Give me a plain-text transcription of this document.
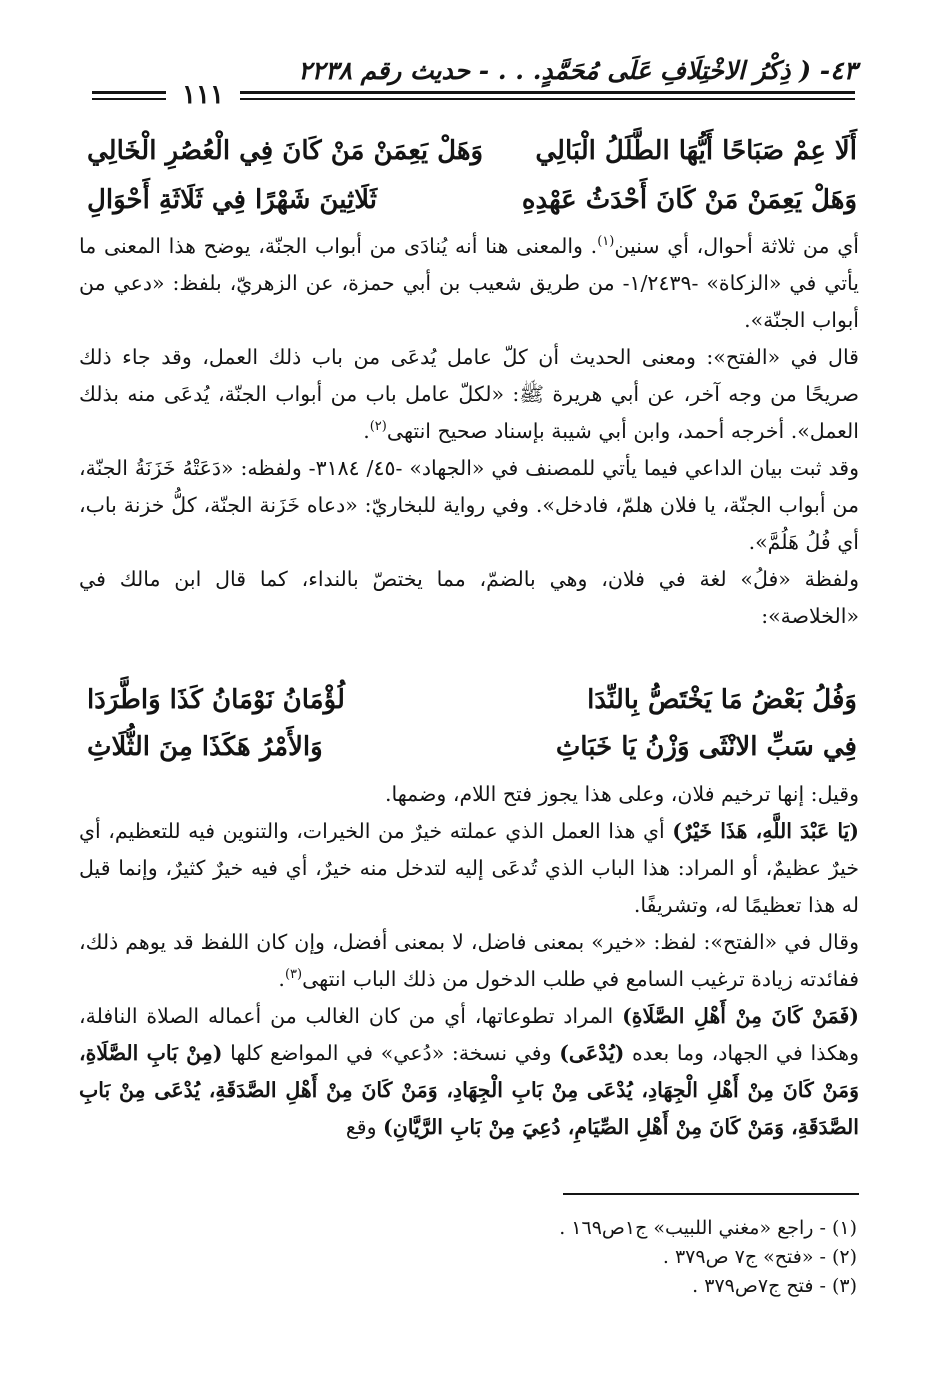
٤٣- ( ذِكْرُ الاخْتِلَافِ عَلَى مُحَمَّدٍ. . . - حديث رقم ٢٢٣٨
١١١
أَلَا عِمْ صَبَاحًا أَيُّهَا الطَّلَلُ الْبَالِي
وَهَلْ يَعِمَنْ مَنْ كَانَ فِي الْعُصُرِ الْخَالِي
وَهَلْ يَعِمَنْ مَنْ كَانَ أَحْدَثُ عَهْدِهِ
ثَلَاثِينَ شَهْرًا فِي ثَلَاثَةِ أَحْوَالِ

أي من ثلاثة أحوال، أي سنين$^{(١)}$. والمعنى هنا أنه يُنادَى من أبواب الجنّة، يوضح هذا المعنى ما يأتي في «الزكاة» -١/٢٤٣٩- من طريق شعيب بن أبي حمزة، عن الزهريّ، بلفظ: «دعي من أبواب الجنّة».

قال في «الفتح»: ومعنى الحديث أن كلّ عامل يُدعَى من باب ذلك العمل، وقد جاء ذلك صريحًا من وجه آخر، عن أبي هريرة ﷺ: «لكلّ عامل باب من أبواب الجنّة، يُدعَى منه بذلك العمل». أخرجه أحمد، وابن أبي شيبة بإسناد صحيح انتهى$^{(٢)}$.

وقد ثبت بيان الداعي فيما يأتي للمصنف في «الجهاد» -٤٥/ ٣١٨٤- ولفظه: «دَعَتْهُ خَزَنَةُ الجنّة، من أبواب الجنّة، يا فلان هلمّ، فادخل». وفي رواية للبخاريّ: «دعاه خَزَنة الجنّة، كلُّ خزنة باب، أي فُلُ هَلُمَّ».

ولفظة «فلُ» لغة في فلان، وهي بالضمّ، مما يختصّ بالنداء، كما قال ابن مالك في «الخلاصة»:

وَفُلُ بَعْضُ مَا يَخْتَصُّ بِالنِّدَا
لُؤْمَانُ نَوْمَانُ كَذَا وَاطَّرَدَا
فِي سَبِّ الانْثَى وَزْنُ يَا خَبَاثِ
وَالأَمْرُ هَكَذَا مِنَ الثُّلَاثِ

وقيل: إنها ترخيم فلان، وعلى هذا يجوز فتح اللام، وضمها.

(يَا عَبْدَ اللَّهِ، هَذَا خَيْرٌ) أي هذا العمل الذي عملته خيرٌ من الخيرات، والتنوين فيه للتعظيم، أي خيرٌ عظيمٌ، أو المراد: هذا الباب الذي تُدعَى إليه لتدخل منه خيرٌ، أي فيه خيرٌ كثيرٌ، وإنما قيل له هذا تعظيمًا له، وتشريفًا.

وقال في «الفتح»: لفظ: «خير» بمعنى فاضل، لا بمعنى أفضل، وإن كان اللفظ قد يوهم ذلك، ففائدته زيادة ترغيب السامع في طلب الدخول من ذلك الباب انتهى$^{(٣)}$.

(فَمَنْ كَانَ مِنْ أَهْلِ الصَّلَاةِ) المراد تطوعاتها، أي من كان الغالب من أعماله الصلاة النافلة، وهكذا في الجهاد، وما بعده (يُدْعَى) وفي نسخة: «دُعي» في المواضع كلها (مِنْ بَابِ الصَّلَاةِ، وَمَنْ كَانَ مِنْ أَهْلِ الْجِهَادِ، يُدْعَى مِنْ بَابِ الْجِهَادِ، وَمَنْ كَانَ مِنْ أَهْلِ الصَّدَقَةِ، يُدْعَى مِنْ بَابِ الصَّدَقَةِ، وَمَنْ كَانَ مِنْ أَهْلِ الصِّيَامِ، دُعِيَ مِنْ بَابِ الرَّيَّانِ) وقع

(١) - راجع «مغني اللبيب» ج١ص١٦٩ .
(٢) - «فتح» ج٧ ص٣٧٩ .
(٣) - فتح ج٧ص٣٧٩ .
